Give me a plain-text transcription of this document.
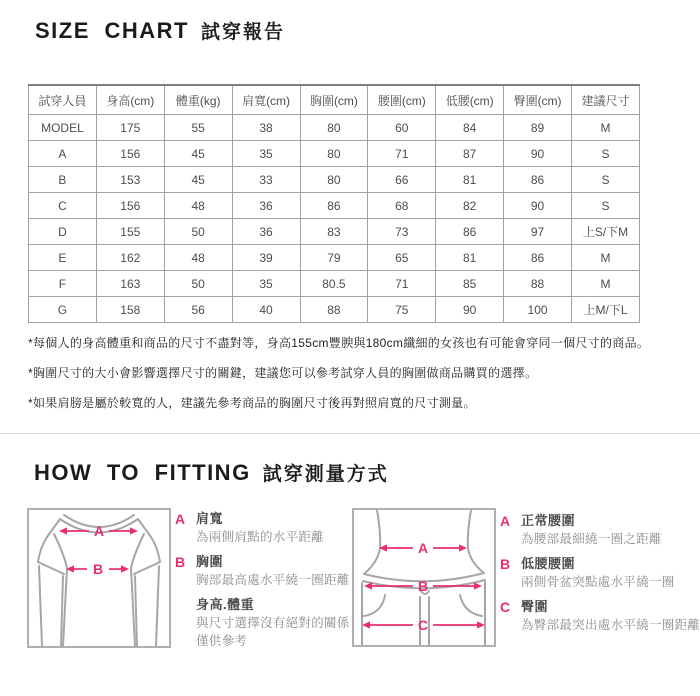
SIZE CHART 試穿報告
試穿人員	身高(cm)	體重(kg)	肩寬(cm)	胸圍(cm)	腰圍(cm)	低腰(cm)	臀圍(cm)	建議尺寸
MODEL	175	55	38	80	60	84	89	M
A	156	45	35	80	71	87	90	S
B	153	45	33	80	66	81	86	S
C	156	48	36	86	68	82	90	S
D	155	50	36	83	73	86	97	上S/下M
E	162	48	39	79	65	81	86	M
F	163	50	35	80.5	71	85	88	M
G	158	56	40	88	75	90	100	上M/下L
*每個人的身高體重和商品的尺寸不盡對等，身高155cm豐腴與180cm纖細的女孩也有可能會穿同一個尺寸的商品。
*胸圍尺寸的大小會影響選擇尺寸的關鍵，建議您可以參考試穿人員的胸圍做商品購買的選擇。
*如果肩膀是屬於較寬的人，建議先參考商品的胸圍尺寸後再對照肩寬的尺寸測量。
HOW TO FITTING 試穿測量方式
A
B
A 肩寬
為兩側肩點的水平距離
B 胸圍
胸部最高處水平繞一圈距離
身高.體重
與尺寸選擇沒有絕對的關係
僅供參考
A
B
C
A 正常腰圍
為腰部最細繞一圈之距離
B 低腰腰圍
兩側骨盆突點處水平繞一圈
C 臀圍
為臀部最突出處水平繞一圈距離
